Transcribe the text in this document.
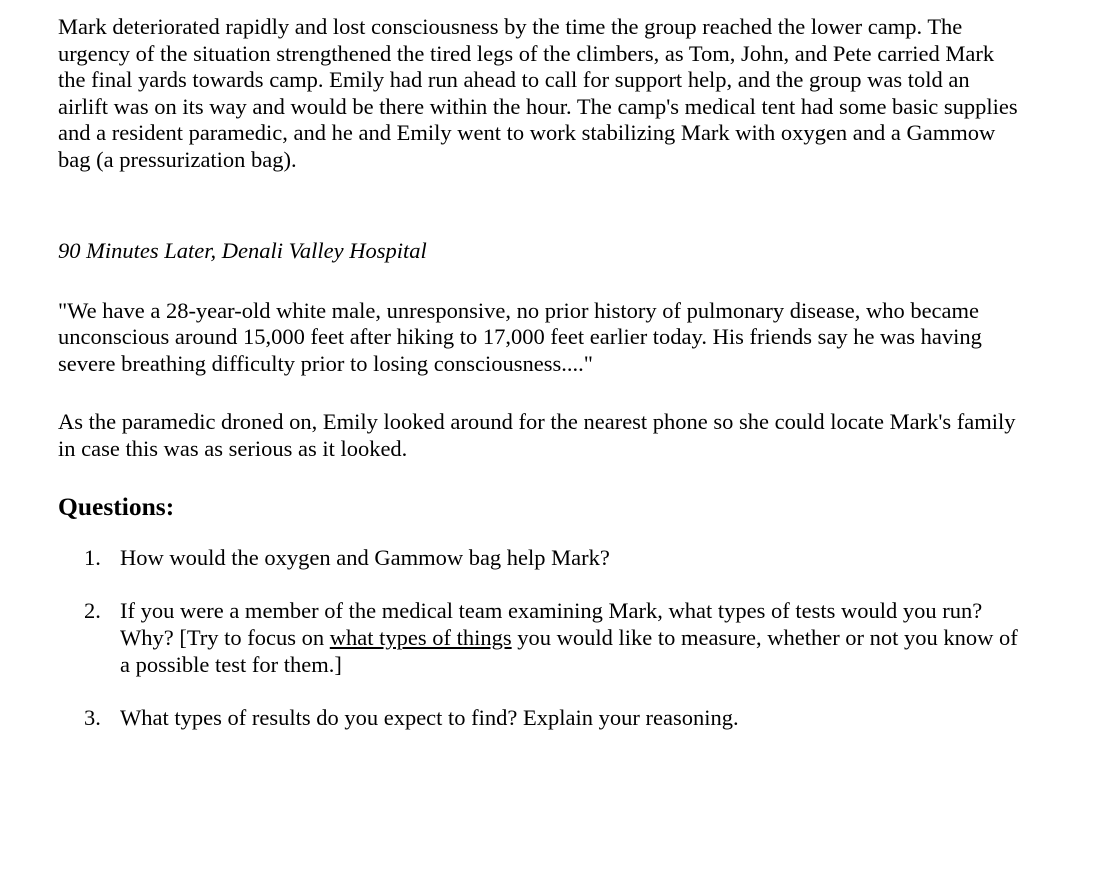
Mark deteriorated rapidly and lost consciousness by the time the group reached the lower camp. The urgency of the situation strengthened the tired legs of the climbers, as Tom, John, and Pete carried Mark the final yards towards camp. Emily had run ahead to call for support help, and the group was told an airlift was on its way and would be there within the hour. The camp's medical tent had some basic supplies and a resident paramedic, and he and Emily went to work stabilizing Mark with oxygen and a Gammow bag (a pressurization bag).

90 Minutes Later, Denali Valley Hospital

"We have a 28-year-old white male, unresponsive, no prior history of pulmonary disease, who became unconscious around 15,000 feet after hiking to 17,000 feet earlier today. His friends say he was having severe breathing difficulty prior to losing consciousness...."

As the paramedic droned on, Emily looked around for the nearest phone so she could locate Mark's family in case this was as serious as it looked.

Questions:
1. How would the oxygen and Gammow bag help Mark?
2. If you were a member of the medical team examining Mark, what types of tests would you run? Why? [Try to focus on what types of things you would like to measure, whether or not you know of a possible test for them.]
3. What types of results do you expect to find? Explain your reasoning.
